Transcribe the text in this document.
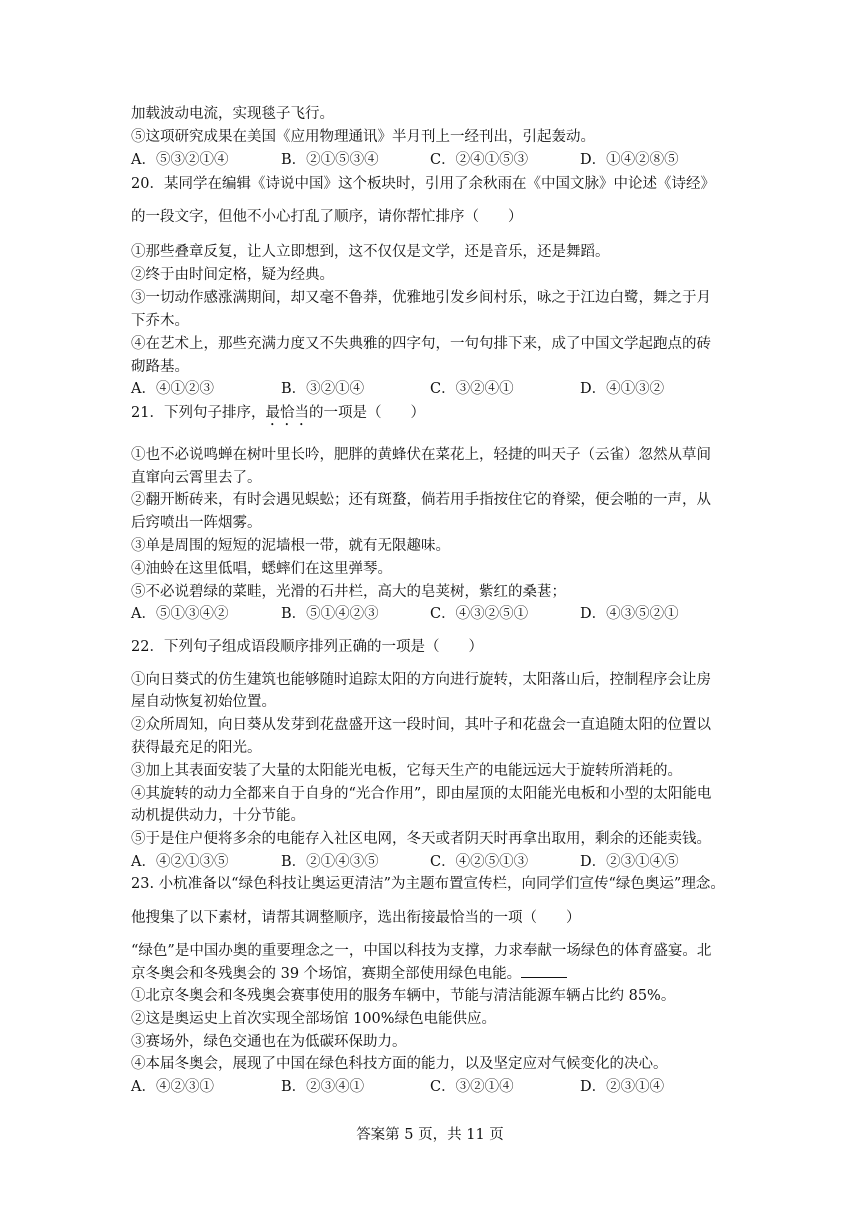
加载波动电流，实现毯子飞行。
⑤这项研究成果在美国《应用物理通讯》半月刊上一经刊出，引起轰动。
A．⑤③②①④	B．②①⑤③④	C．②④①⑤③	D．①④②⑧⑤
20．某同学在编辑《诗说中国》这个板块时，引用了余秋雨在《中国文脉》中论述《诗经》
的一段文字，但他不小心打乱了顺序，请你帮忙排序（　　）
①那些叠章反复，让人立即想到，这不仅仅是文学，还是音乐，还是舞蹈。
②终于由时间定格，疑为经典。
③一切动作感涨满期间，却又毫不鲁莽，优雅地引发乡间村乐，咏之于江边白鹭，舞之于月
下乔木。
④在艺术上，那些充满力度又不失典雅的四字句，一句句排下来，成了中国文学起跑点的砖
砌路基。
A．④①②③	B．③②①④	C．③②④①	D．④①③②
21．下列句子排序，最恰当的一项是（　　）
①也不必说鸣蝉在树叶里长吟，肥胖的黄蜂伏在菜花上，轻捷的叫天子（云雀）忽然从草间
直窜向云霄里去了。
②翻开断砖来，有时会遇见蜈蚣；还有斑蝥，倘若用手指按住它的脊梁，便会啪的一声，从
后窍喷出一阵烟雾。
③单是周围的短短的泥墙根一带，就有无限趣味。
④油蛉在这里低唱，蟋蟀们在这里弹琴。
⑤不必说碧绿的菜畦，光滑的石井栏，高大的皂荚树，紫红的桑葚；
A．⑤①③④②	B．⑤①④②③	C．④③②⑤①	D．④③⑤②①
22．下列句子组成语段顺序排列正确的一项是（　　）
①向日葵式的仿生建筑也能够随时追踪太阳的方向进行旋转，太阳落山后，控制程序会让房
屋自动恢复初始位置。
②众所周知，向日葵从发芽到花盘盛开这一段时间，其叶子和花盘会一直追随太阳的位置以
获得最充足的阳光。
③加上其表面安装了大量的太阳能光电板，它每天生产的电能远远大于旋转所消耗的。
④其旋转的动力全都来自于自身的“光合作用”，即由屋顶的太阳能光电板和小型的太阳能电
动机提供动力，十分节能。
⑤于是住户便将多余的电能存入社区电网，冬天或者阴天时再拿出取用，剩余的还能卖钱。
A．④②①③⑤	B．②①④③⑤	C．④②⑤①③	D．②③①④⑤
23. 小杭准备以“绿色科技让奥运更清洁”为主题布置宣传栏，向同学们宣传“绿色奥运”理念。
他搜集了以下素材，请帮其调整顺序，选出衔接最恰当的一项（　　）
“绿色”是中国办奥的重要理念之一，中国以科技为支撑，力求奉献一场绿色的体育盛宴。北
京冬奥会和冬残奥会的 39 个场馆，赛期全部使用绿色电能。
①北京冬奥会和冬残奥会赛事使用的服务车辆中，节能与清洁能源车辆占比约 85%。
②这是奥运史上首次实现全部场馆 100%绿色电能供应。
③赛场外，绿色交通也在为低碳环保助力。
④本届冬奥会，展现了中国在绿色科技方面的能力，以及坚定应对气候变化的决心。
A．④②③①	B．②③④①	C．③②①④	D．②③①④
答案第 5 页，共 11 页
